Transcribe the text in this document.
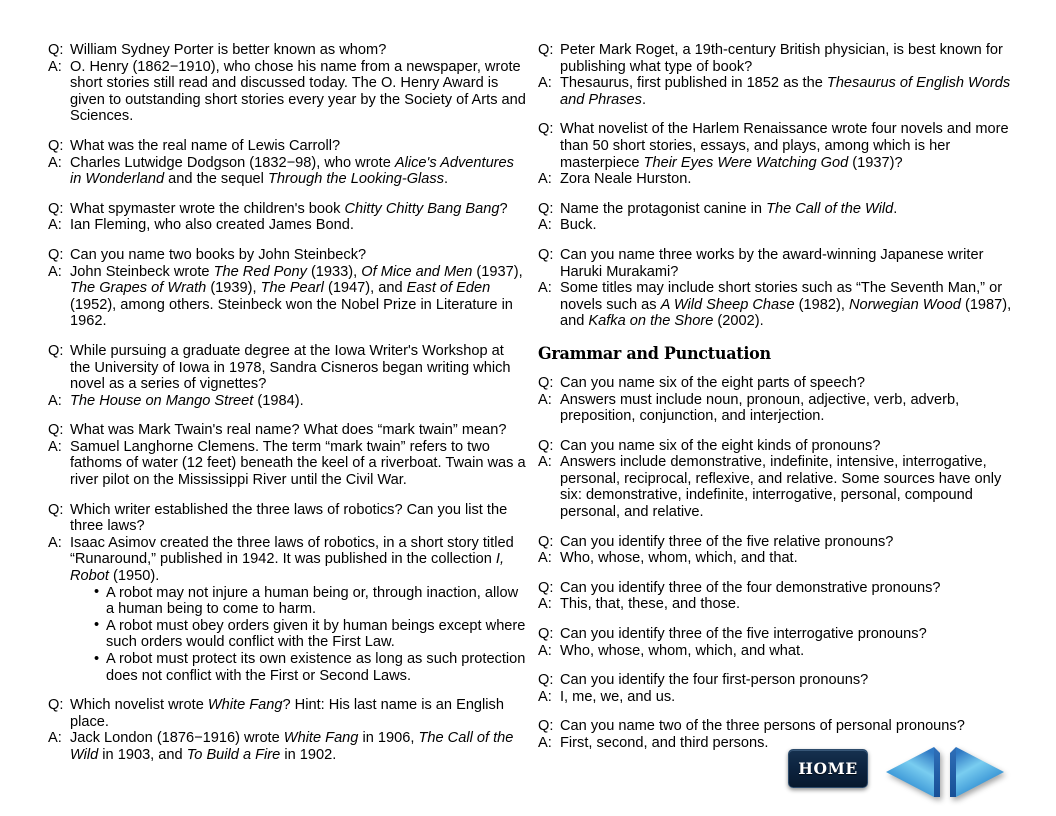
Q: William Sydney Porter is better known as whom?
A: O. Henry (1862−1910), who chose his name from a newspaper, wrote short stories still read and discussed today. The O. Henry Award is given to outstanding short stories every year by the Society of Arts and Sciences.
Q: What was the real name of Lewis Carroll?
A: Charles Lutwidge Dodgson (1832−98), who wrote Alice's Adventures in Wonderland and the sequel Through the Looking-Glass.
Q: What spymaster wrote the children's book Chitty Chitty Bang Bang?
A: Ian Fleming, who also created James Bond.
Q: Can you name two books by John Steinbeck?
A: John Steinbeck wrote The Red Pony (1933), Of Mice and Men (1937), The Grapes of Wrath (1939), The Pearl (1947), and East of Eden (1952), among others. Steinbeck won the Nobel Prize in Literature in 1962.
Q: While pursuing a graduate degree at the Iowa Writer's Workshop at the University of Iowa in 1978, Sandra Cisneros began writing which novel as a series of vignettes?
A: The House on Mango Street (1984).
Q: What was Mark Twain's real name? What does “mark twain” mean?
A: Samuel Langhorne Clemens. The term “mark twain” refers to two fathoms of water (12 feet) beneath the keel of a riverboat. Twain was a river pilot on the Mississippi River until the Civil War.
Q: Which writer established the three laws of robotics? Can you list the three laws?
A: Isaac Asimov created the three laws of robotics, in a short story titled “Runaround,” published in 1942. It was published in the collection I, Robot (1950).
• A robot may not injure a human being or, through inaction, allow a human being to come to harm.
• A robot must obey orders given it by human beings except where such orders would conflict with the First Law.
• A robot must protect its own existence as long as such protection does not conflict with the First or Second Laws.
Q: Which novelist wrote White Fang? Hint: His last name is an English place.
A: Jack London (1876−1916) wrote White Fang in 1906, The Call of the Wild in 1903, and To Build a Fire in 1902.
Q: Peter Mark Roget, a 19th-century British physician, is best known for publishing what type of book?
A: Thesaurus, first published in 1852 as the Thesaurus of English Words and Phrases.
Q: What novelist of the Harlem Renaissance wrote four novels and more than 50 short stories, essays, and plays, among which is her masterpiece Their Eyes Were Watching God (1937)?
A: Zora Neale Hurston.
Q: Name the protagonist canine in The Call of the Wild.
A: Buck.
Q: Can you name three works by the award-winning Japanese writer Haruki Murakami?
A: Some titles may include short stories such as “The Seventh Man,” or novels such as A Wild Sheep Chase (1982), Norwegian Wood (1987), and Kafka on the Shore (2002).
Grammar and Punctuation
Q: Can you name six of the eight parts of speech?
A: Answers must include noun, pronoun, adjective, verb, adverb, preposition, conjunction, and interjection.
Q: Can you name six of the eight kinds of pronouns?
A: Answers include demonstrative, indefinite, intensive, interrogative, personal, reciprocal, reflexive, and relative. Some sources have only six: demonstrative, indefinite, interrogative, personal, compound personal, and relative.
Q: Can you identify three of the five relative pronouns?
A: Who, whose, whom, which, and that.
Q: Can you identify three of the four demonstrative pronouns?
A: This, that, these, and those.
Q: Can you identify three of the five interrogative pronouns?
A: Who, whose, whom, which, and what.
Q: Can you identify the four first-person pronouns?
A: I, me, we, and us.
Q: Can you name two of the three persons of personal pronouns?
A: First, second, and third persons.
HOME
